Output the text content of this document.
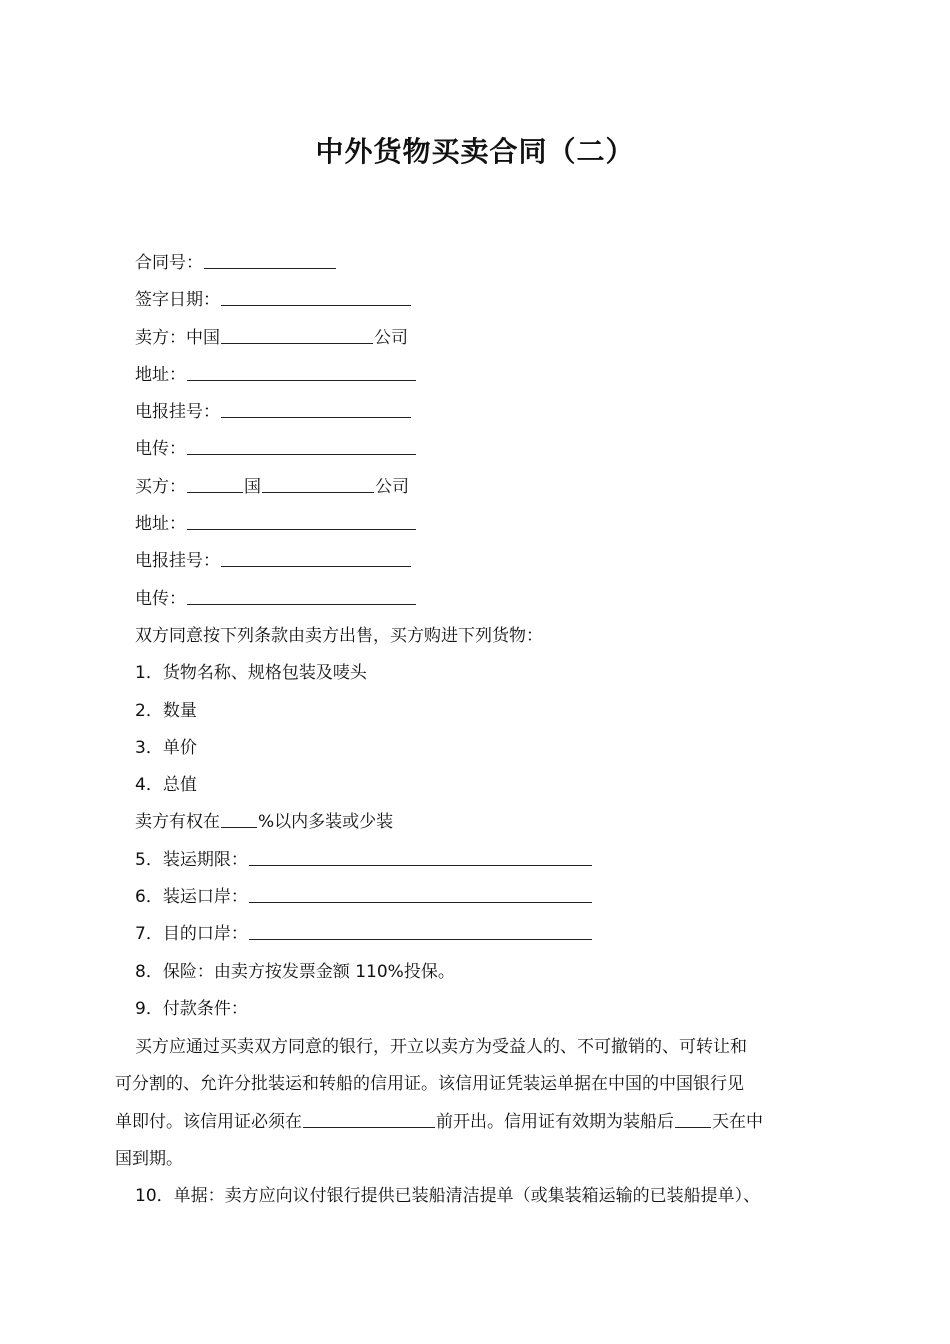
中外货物买卖合同（二）
合同号：
签字日期：
卖方：中国	公司
地址：
电报挂号：
电传：
买方：	国	公司
地址：
电报挂号：
电传：
双方同意按下列条款由卖方出售，买方购进下列货物：
1．货物名称、规格包装及唛头
2．数量
3．单价
4．总值
卖方有权在 %以内多装或少装
5．装运期限：
6．装运口岸：
7．目的口岸：
8．保险：由卖方按发票金额 110%投保。
9．付款条件：
买方应通过买卖双方同意的银行，开立以卖方为受益人的、不可撤销的、可转让和
可分割的、允许分批装运和转船的信用证。该信用证凭装运单据在中国的中国银行见
单即付。该信用证必须在	前开出。信用证有效期为装船后 天在中
国到期。
10．单据：卖方应向议付银行提供已装船清洁提单（或集装箱运输的已装船提单）、
